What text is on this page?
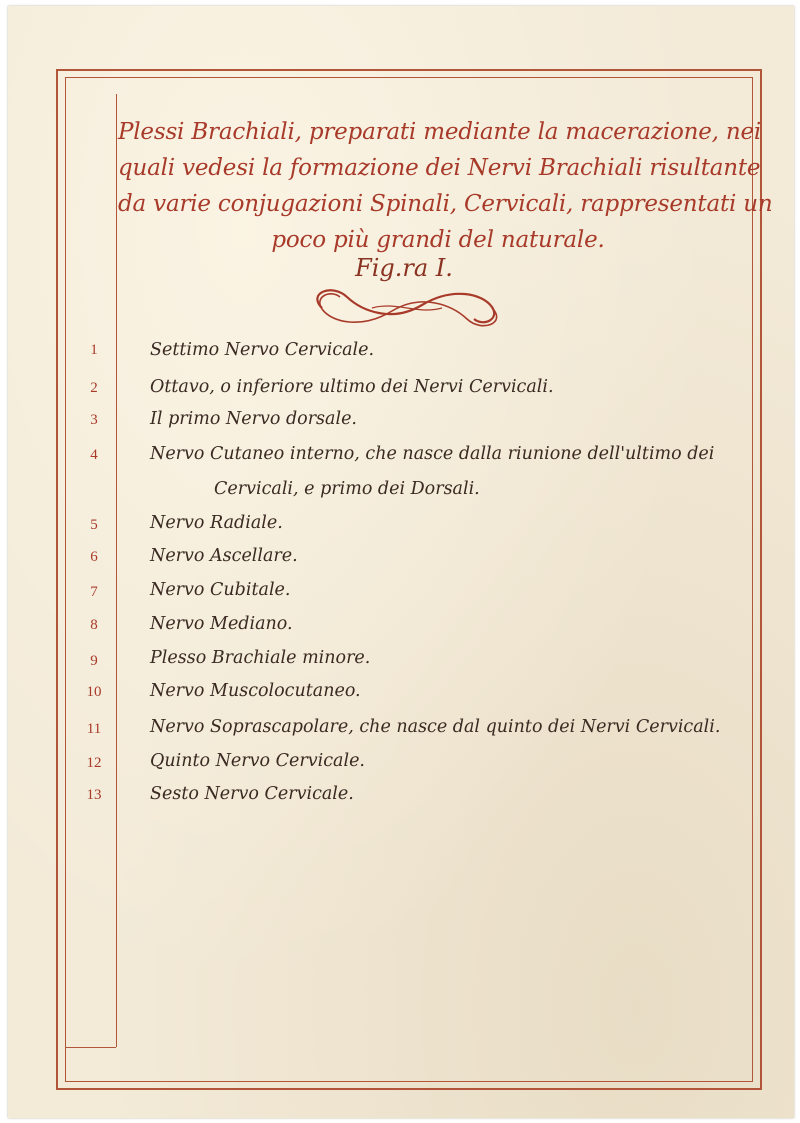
Plessi Brachiali, preparati mediante la macerazione, nei

quali vedesi la formazione dei Nervi Brachiali risultante

da varie conjugazioni Spinali, Cervicali, rappresentati un

poco più grandi del naturale.

Fig.ra I.
1	Settimo Nervo Cervicale.
2	Ottavo, o inferiore ultimo dei Nervi Cervicali.
3	Il primo Nervo dorsale.
4	Nervo Cutaneo interno, che nasce dalla riunione dell'ultimo dei
Cervicali, e primo dei Dorsali.
5	Nervo Radiale.
6	Nervo Ascellare.
7	Nervo Cubitale.
8	Nervo Mediano.
9	Plesso Brachiale minore.
10	Nervo Muscolocutaneo.
11	Nervo Soprascapolare, che nasce dal quinto dei Nervi Cervicali.
12	Quinto Nervo Cervicale.
13	Sesto Nervo Cervicale.
